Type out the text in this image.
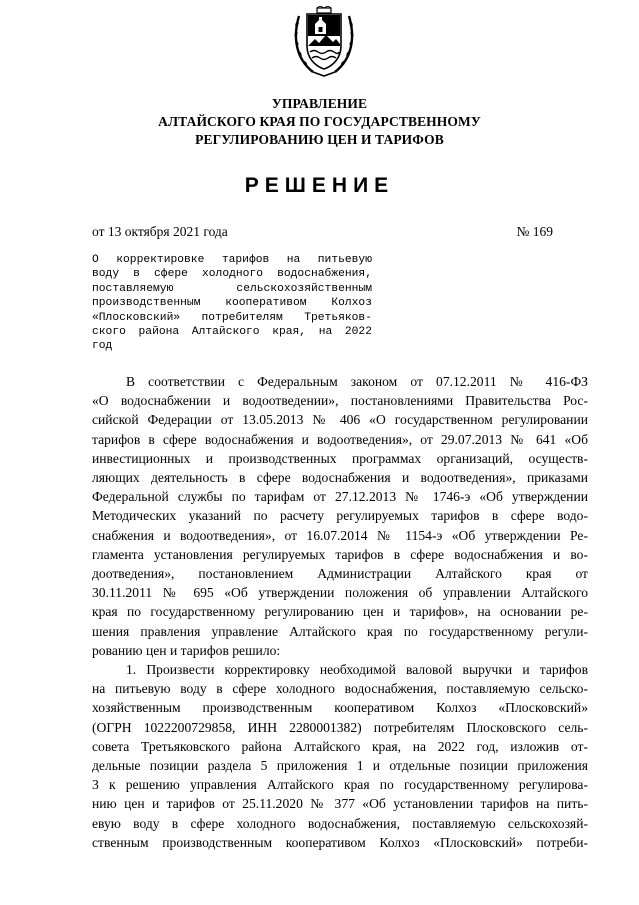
УПРАВЛЕНИЕ
АЛТАЙСКОГО КРАЯ ПО ГОСУДАРСТВЕННОМУ
РЕГУЛИРОВАНИЮ ЦЕН И ТАРИФОВ
РЕШЕНИЕ
от 13 октября 2021 года	№ 169
О корректировке тарифов на питьевую
воду в сфере холодного водоснабжения,
поставляемую сельскохозяйственным
производственным кооперативом Колхоз
«Плосковский» потребителям Третьяков-
ского района Алтайского края, на 2022
год
В соответствии с Федеральным законом от 07.12.2011 № 416-ФЗ
«О водоснабжении и водоотведении», постановлениями Правительства Рос-
сийской Федерации от 13.05.2013 № 406 «О государственном регулировании
тарифов в сфере водоснабжения и водоотведения», от 29.07.2013 № 641 «Об
инвестиционных и производственных программах организаций, осуществ-
ляющих деятельность в сфере водоснабжения и водоотведения», приказами
Федеральной службы по тарифам от 27.12.2013 № 1746-э «Об утверждении
Методических указаний по расчету регулируемых тарифов в сфере водо-
снабжения и водоотведения», от 16.07.2014 № 1154-э «Об утверждении Ре-
гламента установления регулируемых тарифов в сфере водоснабжения и во-
доотведения», постановлением Администрации Алтайского края от
30.11.2011 № 695 «Об утверждении положения об управлении Алтайского
края по государственному регулированию цен и тарифов», на основании ре-
шения правления управление Алтайского края по государственному регули-
рованию цен и тарифов решило:
1. Произвести корректировку необходимой валовой выручки и тарифов
на питьевую воду в сфере холодного водоснабжения, поставляемую сельско-
хозяйственным производственным кооперативом Колхоз «Плосковский»
(ОГРН 1022200729858, ИНН 2280001382) потребителям Плосковского сель-
совета Третьяковского района Алтайского края, на 2022 год, изложив от-
дельные позиции раздела 5 приложения 1 и отдельные позиции приложения
3 к решению управления Алтайского края по государственному регулирова-
нию цен и тарифов от 25.11.2020 № 377 «Об установлении тарифов на пить-
евую воду в сфере холодного водоснабжения, поставляемую сельскохозяй-
ственным производственным кооперативом Колхоз «Плосковский» потреби-
